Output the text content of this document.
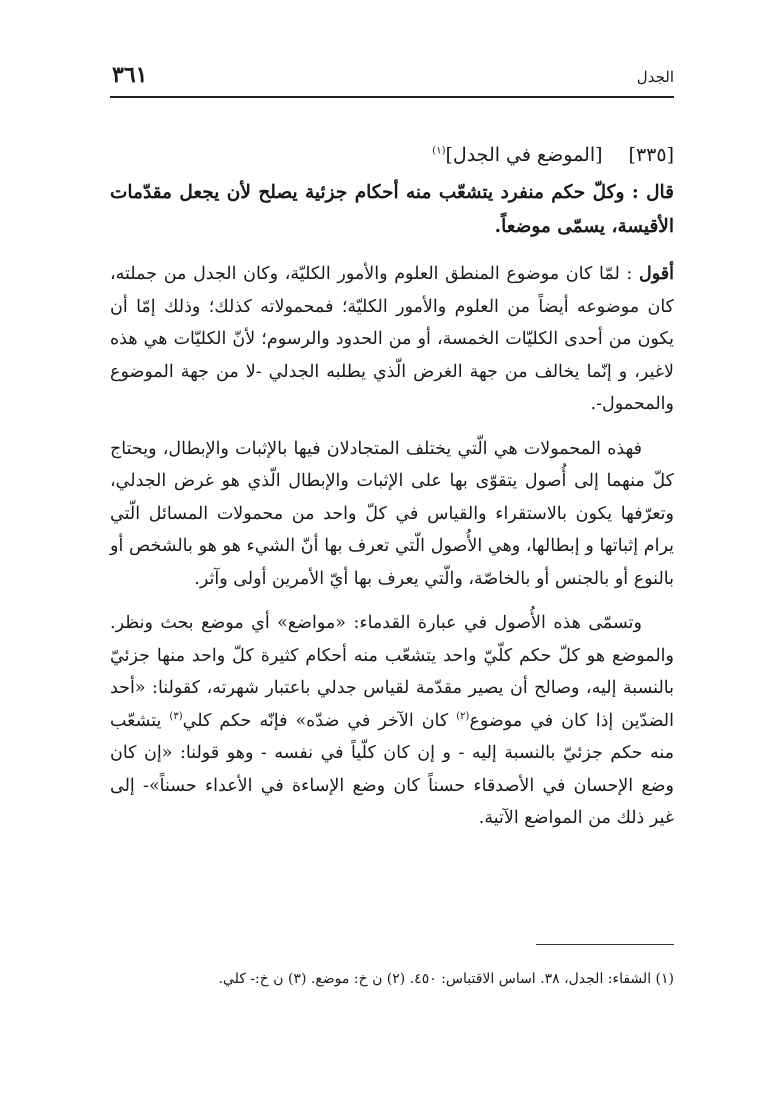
الجدل
٣٦١

[٣٣٥][الموضع في الجدل]$^{(١)}$

قال : وكلّ حكم منفرد يتشعّب منه أحكام جزئية يصلح لأن يجعل مقدّمات الأقيسة، يسمّى موضعاً.

أقول : لمّا كان موضوع المنطق العلوم والأمور الكليّة، وكان الجدل من جملته، كان موضوعه أيضاً من العلوم والأمور الكليّة؛ فمحمولاته كذلك؛ وذلك إمّا أن يكون من أحدى الكليّات الخمسة، أو من الحدود والرسوم؛ لأنّ الكليّات هي هذه لاغير، و إنّما يخالف من جهة الغرض الّذي يطلبه الجدلي -لا من جهة الموضوع والمحمول-.

فهذه المحمولات هي الّتي يختلف المتجادلان فيها بالإثبات والإبطال، ويحتاج كلّ منهما إلى أُصول يتقوّى بها على الإثبات والإبطال الّذي هو غرض الجدلي، وتعرّفها يكون بالاستقراء والقياس في كلّ واحد من محمولات المسائل الّتي يرام إثباتها و إبطالها، وهي الأُصول الّتي تعرف بها أنّ الشيء هو هو بالشخص أو بالنوع أو بالجنس أو بالخاصّة، والّتي يعرف بها أيّ الأمرين أولى وآثر.

وتسمّى هذه الأُصول في عبارة القدماء: «مواضع» أي موضع بحث ونظر. والموضع هو كلّ حكم كلّيّ واحد يتشعّب منه أحكام كثيرة كلّ واحد منها جزئيّ بالنسبة إليه، وصالح أن يصير مقدّمة لقياس جدلي باعتبار شهرته، كقولنا: «أحد الضدّين إذا كان في موضوع$^{(٢)}$ كان الآخر في ضدّه» فإنّه حكم كلي$^{(٣)}$ يتشعّب منه حكم جزئيّ بالنسبة إليه - و إن كان كلّياً في نفسه - وهو قولنا: «إن كان وضع الإحسان في الأصدقاء حسناً كان وضع الإساءة في الأعداء حسناً»- إلى غير ذلك من المواضع الآتية.

(١) الشفاء: الجدل، ٣٨. اساس الاقتباس: ٤٥٠. (٢) ن خ: موضع. (٣) ن خ:- كلي.
